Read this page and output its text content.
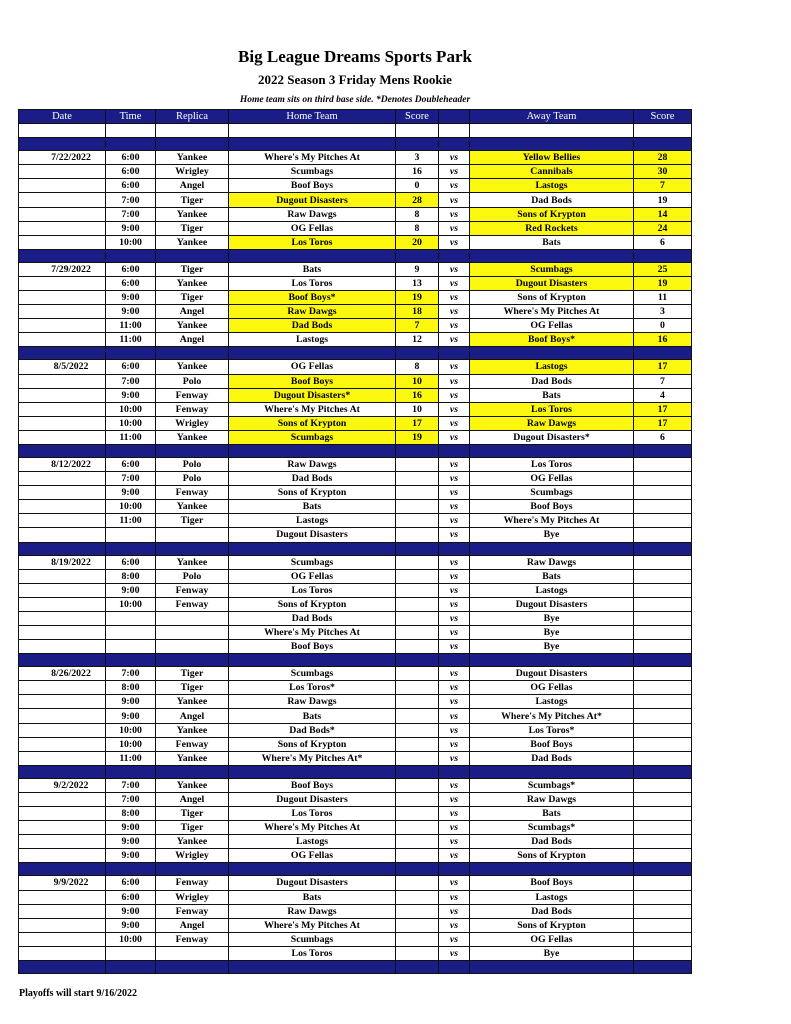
Big League Dreams Sports Park
2022 Season 3 Friday Mens Rookie
Home team sits on third base side. *Denotes Doubleheader
Date	Time	Replica	Home Team	Score		Away Team	Score

7/22/2022	6:00	Yankee	Where's My Pitches At	3	vs	Yellow Bellies	28
	6:00	Wrigley	Scumbags	16	vs	Cannibals	30
	6:00	Angel	Boof Boys	0	vs	Lastogs	7
	7:00	Tiger	Dugout Disasters	28	vs	Dad Bods	19
	7:00	Yankee	Raw Dawgs	8	vs	Sons of Krypton	14
	9:00	Tiger	OG Fellas	8	vs	Red Rockets	24
	10:00	Yankee	Los Toros	20	vs	Bats	6

7/29/2022	6:00	Tiger	Bats	9	vs	Scumbags	25
	6:00	Yankee	Los Toros	13	vs	Dugout Disasters	19
	9:00	Tiger	Boof Boys*	19	vs	Sons of Krypton	11
	9:00	Angel	Raw Dawgs	18	vs	Where's My Pitches At	3
	11:00	Yankee	Dad Bods	7	vs	OG Fellas	0
	11:00	Angel	Lastogs	12	vs	Boof Boys*	16

8/5/2022	6:00	Yankee	OG Fellas	8	vs	Lastogs	17
	7:00	Polo	Boof Boys	10	vs	Dad Bods	7
	9:00	Fenway	Dugout Disasters*	16	vs	Bats	4
	10:00	Fenway	Where's My Pitches At	10	vs	Los Toros	17
	10:00	Wrigley	Sons of Krypton	17	vs	Raw Dawgs	17
	11:00	Yankee	Scumbags	19	vs	Dugout Disasters*	6

8/12/2022	6:00	Polo	Raw Dawgs		vs	Los Toros	
	7:00	Polo	Dad Bods		vs	OG Fellas	
	9:00	Fenway	Sons of Krypton		vs	Scumbags	
	10:00	Yankee	Bats		vs	Boof Boys	
	11:00	Tiger	Lastogs		vs	Where's My Pitches At	
			Dugout Disasters		vs	Bye	

8/19/2022	6:00	Yankee	Scumbags		vs	Raw Dawgs	
	8:00	Polo	OG Fellas		vs	Bats	
	9:00	Fenway	Los Toros		vs	Lastogs	
	10:00	Fenway	Sons of Krypton		vs	Dugout Disasters	
			Dad Bods		vs	Bye	
			Where's My Pitches At		vs	Bye	
			Boof Boys		vs	Bye	

8/26/2022	7:00	Tiger	Scumbags		vs	Dugout Disasters	
	8:00	Tiger	Los Toros*		vs	OG Fellas	
	9:00	Yankee	Raw Dawgs		vs	Lastogs	
	9:00	Angel	Bats		vs	Where's My Pitches At*	
	10:00	Yankee	Dad Bods*		vs	Los Toros*	
	10:00	Fenway	Sons of Krypton		vs	Boof Boys	
	11:00	Yankee	Where's My Pitches At*		vs	Dad Bods	

9/2/2022	7:00	Yankee	Boof Boys		vs	Scumbags*	
	7:00	Angel	Dugout Disasters		vs	Raw Dawgs	
	8:00	Tiger	Los Toros		vs	Bats	
	9:00	Tiger	Where's My Pitches At		vs	Scumbags*	
	9:00	Yankee	Lastogs		vs	Dad Bods	
	9:00	Wrigley	OG Fellas		vs	Sons of Krypton	

9/9/2022	6:00	Fenway	Dugout Disasters		vs	Boof Boys	
	6:00	Wrigley	Bats		vs	Lastogs	
	9:00	Fenway	Raw Dawgs		vs	Dad Bods	
	9:00	Angel	Where's My Pitches At		vs	Sons of Krypton	
	10:00	Fenway	Scumbags		vs	OG Fellas	
			Los Toros		vs	Bye	

Playoffs will start 9/16/2022
